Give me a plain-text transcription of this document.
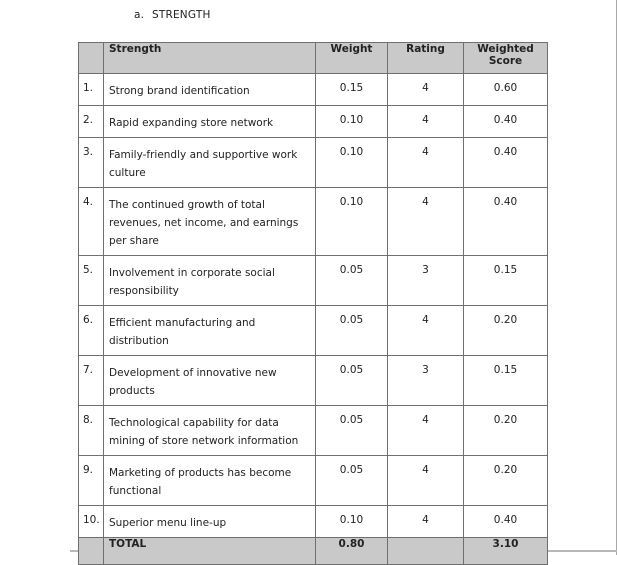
a. STRENGTH
	Strength	Weight	Rating	Weighted Score
1.	Strong brand identification	0.15	4	0.60
2.	Rapid expanding store network	0.10	4	0.40
3.	Family-friendly and supportive work culture	0.10	4	0.40
4.	The continued growth of total revenues, net income, and earnings per share	0.10	4	0.40
5.	Involvement in corporate social responsibility	0.05	3	0.15
6.	Efficient manufacturing and distribution	0.05	4	0.20
7.	Development of innovative new products	0.05	3	0.15
8.	Technological capability for data mining of store network information	0.05	4	0.20
9.	Marketing of products has become functional	0.05	4	0.20
10.	Superior menu line-up	0.10	4	0.40
	TOTAL	0.80		3.10
